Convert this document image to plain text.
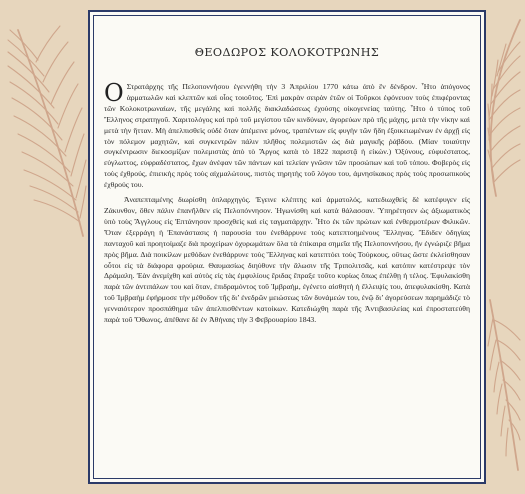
ΘΕΟΔΩΡΟΣ ΚΟΛΟΚΟΤΡΩΝΗΣ

Ο Στρατάρχης τῆς Πελοποννήσου ἐγεννήθη τὴν 3 Ἀπριλίου 1770 κάτω ἀπὸ ἓν δένδρον. Ἦτο ἀπόγονος ἁρματωλῶν καὶ κλεπτῶν καὶ οἷος τοιοῦτος. Ἐπὶ μακρὰν σειρὰν ἐτῶν οἱ Τοῦρκοι ἐφόνευον τοὺς ἐπιφέροντας τῶν Κολοκοτρωναίων, τῆς μεγάλης καὶ πολλῆς διακλαδώσεως ἐχούσης οἰκογενείας ταύτης. Ἦτο ὁ τύπος τοῦ Ἕλληνος στρατηγοῦ. Χαριτολόγος καὶ πρὸ τοῦ μεγίστου τῶν κινδύνων, ἀγορεύων πρὸ τῆς μάχης, μετὰ τὴν νίκην καὶ μετὰ τὴν ἥτταν. Μὴ ἀπελπισθεὶς οὐδὲ ὅταν ἀπέμεινε μόνος, τραπέντων εἰς φυγὴν τῶν ἤδη ἐξοικειωμένων ἐν ἀρχῇ εἰς τὸν πόλεμον μαχητῶν, καὶ συγκεντρῶν πάλιν πλῆθος πολεμιστῶν ὡς διὰ μαγικῆς ῥάβδου. (Μίαν τοιαύτην συγκέντρωσιν διεκοσμίζων πολεμιστὰς ἀπὸ τὸ Ἄργος κατὰ τὸ 1822 παριστᾷ ἡ εἰκών.) Ὀξύνους, εὐφυέστατος, εὐγλωττος, εὐφραδέστατος, ἔχων ἀνέφαν τῶν πάντων καὶ τελείαν γνῶσιν τῶν προσώπων καὶ τοῦ τόπου. Φοβερὸς εἰς τοὺς ἐχθρούς, ἐπιεικὴς πρὸς τοὺς αἰχμαλώτους, πιστὸς τηρητὴς τοῦ λόγου του, ἀμνησίκακος πρὸς τοὺς προσωπικοὺς ἐχθρούς του.

Ἀναπεπταμένης διωρίσθη ὁπλαρχηγός. Ἐγεινε κλέπτης καὶ ἁρματολός, κατεδιωχθεὶς δὲ κατέφυγεν εἰς Ζάκυνθον, ὅθεν πάλιν ἐπανῆλθεν εἰς Πελοπόννησον. Ἡγωνίσθη καὶ κατὰ θάλασσαν. Ὑπηρέτησεν ὡς ἀξιωματικὸς ὑπὸ τοὺς Ἄγγλους εἰς Ἑπτάνησον προσχθεὶς καὶ εἰς ταγματάρχην. Ἦτο ἐκ τῶν πρώτων καὶ ἐνθερμοτέρων Φιλικῶν. Ὅταν ἐξερράγη ἡ Ἐπανάστασις ἡ παρουσία του ἐνεθάρρυνε τοὺς κατεπτοημένους Ἕλληνας. Ἔδιδεν ὁδηγίας πανταχοῦ καὶ προητοίμαζε διὰ προχείρων ὀχυρωμάτων ὅλα τὰ ἐπίκαιρα σημεῖα τῆς Πελοποννήσου, ἣν ἐγνώριζε βῆμα πρὸς βῆμα. Διὰ ποικίλων μεθόδων ἐνεθάρρυνε τοὺς Ἕλληνας καὶ κατεπτόει τοὺς Τούρκους, οὕτως ὥστε ἐκλείσθησαν οὗτοι εἰς τὰ διάφορα φρούρια. Θαυμασίως διηύθυνε τὴν ἅλωσιν τῆς Τριπολιτσᾶς, καὶ κατόπιν κατέστρεψε τὸν Δράμαλη. Ἐὰν ἀνεμίχθη καὶ αὐτὸς εἰς τὰς ἐμφυλίους ἔριδας ἔπραξε τοῦτο κυρίως ὅπως ἐπέλθῃ ἡ τέλος. Ἐφυλακίσθη παρὰ τῶν ἀντιπάλων του καὶ ὅταν, ἐπιδραμόντος τοῦ Ἰμβραὴμ, ἐγένετο αἰσθητὴ ἡ ἔλλειψίς του, ἀπεφυλακίσθη. Κατὰ τοῦ Ἰμβραὴμ ἐφήρμοσε τὴν μέθοδον τῆς δι’ ἐνεδρῶν μειώσεως τῶν δυνάμεών του, ἐνῷ δι’ ἀγορεύσεων παρημάδιζε τὸ γενναιότερον προσπάθημα τῶν ἀπελπισθέντων κατοίκων. Κατεδιώχθη παρὰ τῆς Ἀντιβασιλείας καὶ ἐπροστατεύθη παρὰ τοῦ Ὄθωνος, ἀπέθανε δὲ ἐν Ἀθήναις τὴν 3 Φεβρουαρίου 1843.
